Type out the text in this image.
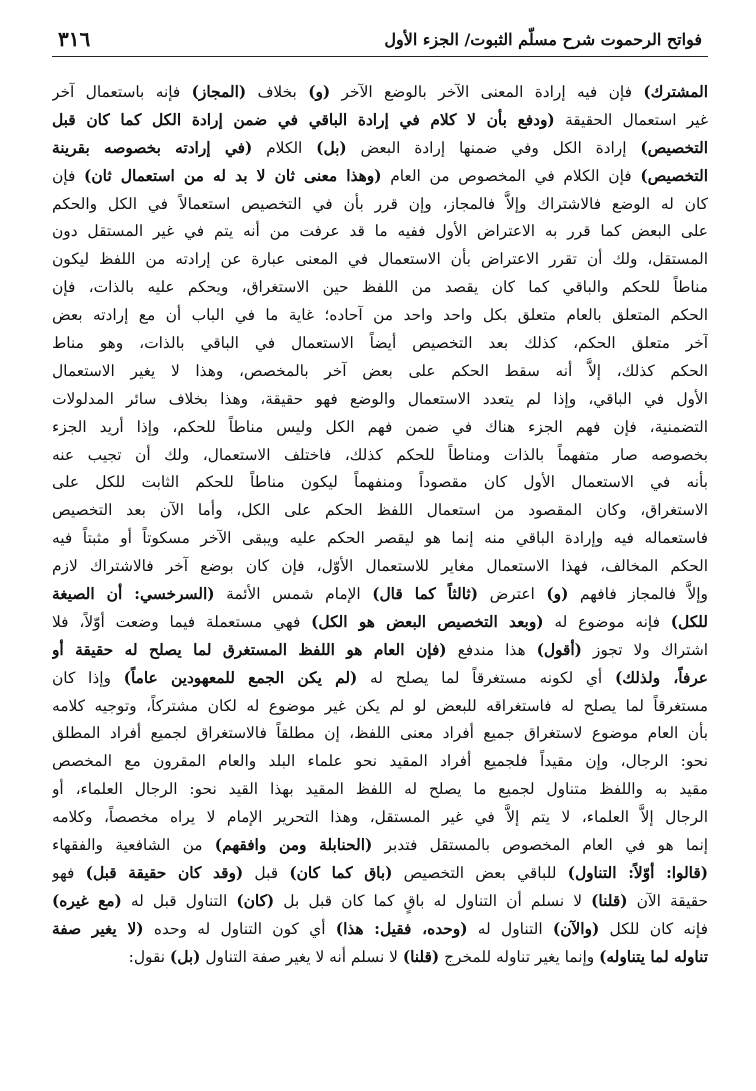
فواتح الرحموت شرح مسلّم الثبوت/ الجزء الأول
٣١٦
المشترك) فإن فيه إرادة المعنى الآخر بالوضع الآخر (و) بخلاف (المجاز) فإنه باستعمال آخر
غير استعمال الحقيقة (ودفع بأن لا كلام في إرادة الباقي في ضمن إرادة الكل كما كان قبل
التخصيص) إرادة الكل وفي ضمنها إرادة البعض (بل) الكلام (في إرادته بخصوصه بقرينة
التخصيص) فإن الكلام في المخصوص من العام (وهذا معنى ثان لا بد له من استعمال ثان) فإن
كان له الوضع فالاشتراك وإلاَّ فالمجاز، وإن قرر بأن في التخصيص استعمالاً في الكل والحكم
على البعض كما قرر به الاعتراض الأول ففيه ما قد عرفت من أنه يتم في غير المستقل دون
المستقل، ولك أن تقرر الاعتراض بأن الاستعمال في المعنى عبارة عن إرادته من اللفظ ليكون
مناطاً للحكم والباقي كما كان يقصد من اللفظ حين الاستغراق، ويحكم عليه بالذات، فإن
الحكم المتعلق بالعام متعلق بكل واحد واحد من آحاده؛ غاية ما في الباب أن مع إرادته بعض
آخر متعلق الحكم، كذلك بعد التخصيص أيضاً الاستعمال في الباقي بالذات، وهو مناط
الحكم كذلك، إلاَّ أنه سقط الحكم على بعض آخر بالمخصص، وهذا لا يغير الاستعمال
الأول في الباقي، وإذا لم يتعدد الاستعمال والوضع فهو حقيقة، وهذا بخلاف سائر المدلولات
التضمنية، فإن فهم الجزء هناك في ضمن فهم الكل وليس مناطاً للحكم، وإذا أريد الجزء
بخصوصه صار متفهماً بالذات ومناطاً للحكم كذلك، فاختلف الاستعمال، ولك أن تجيب عنه
بأنه في الاستعمال الأول كان مقصوداً ومنفهماً ليكون مناطاً للحكم الثابت للكل على
الاستغراق، وكان المقصود من استعمال اللفظ الحكم على الكل، وأما الآن بعد التخصيص
فاستعماله فيه وإرادة الباقي منه إنما هو ليقصر الحكم عليه ويبقى الآخر مسكوتاً أو مثبتاً فيه
الحكم المخالف، فهذا الاستعمال مغاير للاستعمال الأوّل، فإن كان بوضع آخر فالاشتراك لازم
وإلاَّ فالمجاز فافهم (و) اعترض (ثالثاً كما قال) الإمام شمس الأئمة (السرخسي: أن الصيغة
للكل) فإنه موضوع له (وبعد التخصيص البعض هو الكل) فهي مستعملة فيما وضعت أوّلاً، فلا
اشتراك ولا تجوز (أقول) هذا مندفع (فإن العام هو اللفظ المستغرق لما يصلح له حقيقة أو
عرفاً، ولذلك) أي لكونه مستغرقاً لما يصلح له (لم يكن الجمع للمعهودين عاماً) وإذا كان
مستغرقاً لما يصلح له فاستغراقه للبعض لو لم يكن غير موضوع له لكان مشتركاً، وتوجيه كلامه
بأن العام موضوع لاستغراق جميع أفراد معنى اللفظ، إن مطلقاً فالاستغراق لجميع أفراد المطلق
نحو: الرجال، وإن مقيداً فلجميع أفراد المقيد نحو علماء البلد والعام المقرون مع المخصص
مقيد به واللفظ متناول لجميع ما يصلح له اللفظ المقيد بهذا القيد نحو: الرجال العلماء، أو
الرجال إلاَّ العلماء، لا يتم إلاَّ في غير المستقل، وهذا التحرير الإمام لا يراه مخصصاً، وكلامه
إنما هو في العام المخصوص بالمستقل فتدبر (الحنابلة ومن وافقهم) من الشافعية والفقهاء
(قالوا: أوّلاً: التناول) للباقي بعض التخصيص (باق كما كان) قبل (وقد كان حقيقة قبل) فهو
حقيقة الآن (قلنا) لا نسلم أن التناول له باقٍ كما كان قبل بل (كان) التناول قبل له (مع غيره)
فإنه كان للكل (والآن) التناول له (وحده، فقيل: هذا) أي كون التناول له وحده (لا يغير صفة
تناوله لما يتناوله) وإنما يغير تناوله للمخرج (قلنا) لا نسلم أنه لا يغير صفة التناول (بل) نقول:
